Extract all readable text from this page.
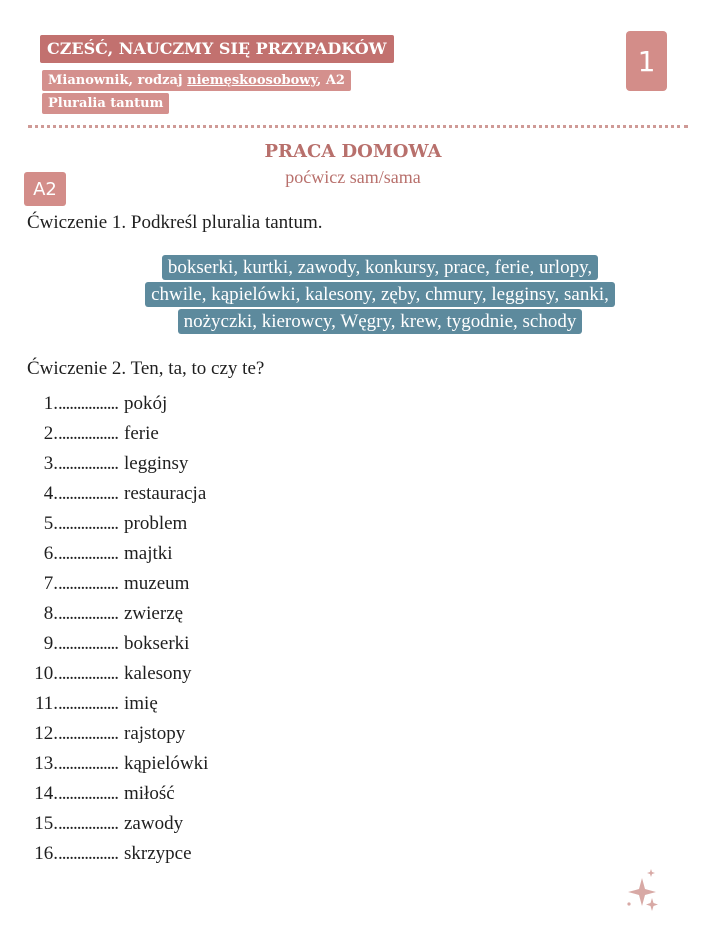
CZEŚĆ, NAUCZMY SIĘ PRZYPADKÓW
Mianownik, rodzaj niemęskoosobowy, A2
Pluralia tantum
1
PRACA DOMOWA
poćwicz sam/sama
A2
Ćwiczenie 1. Podkreśl pluralia tantum.
bokserki, kurtki, zawody, konkursy, prace, ferie, urlopy,
chwile, kąpielówki, kalesony, zęby, chmury, legginsy, sanki,
nożyczki, kierowcy, Węgry, krew, tygodnie, schody
Ćwiczenie 2. Ten, ta, to czy te?
1. ................ pokój
2. ................ ferie
3. ................ legginsy
4. ................ restauracja
5. ................ problem
6. ................ majtki
7. ................ muzeum
8. ................ zwierzę
9. ................ bokserki
10. ................ kalesony
11. ................ imię
12. ................ rajstopy
13. ................ kąpielówki
14. ................ miłość
15. ................ zawody
16. ................ skrzypce
